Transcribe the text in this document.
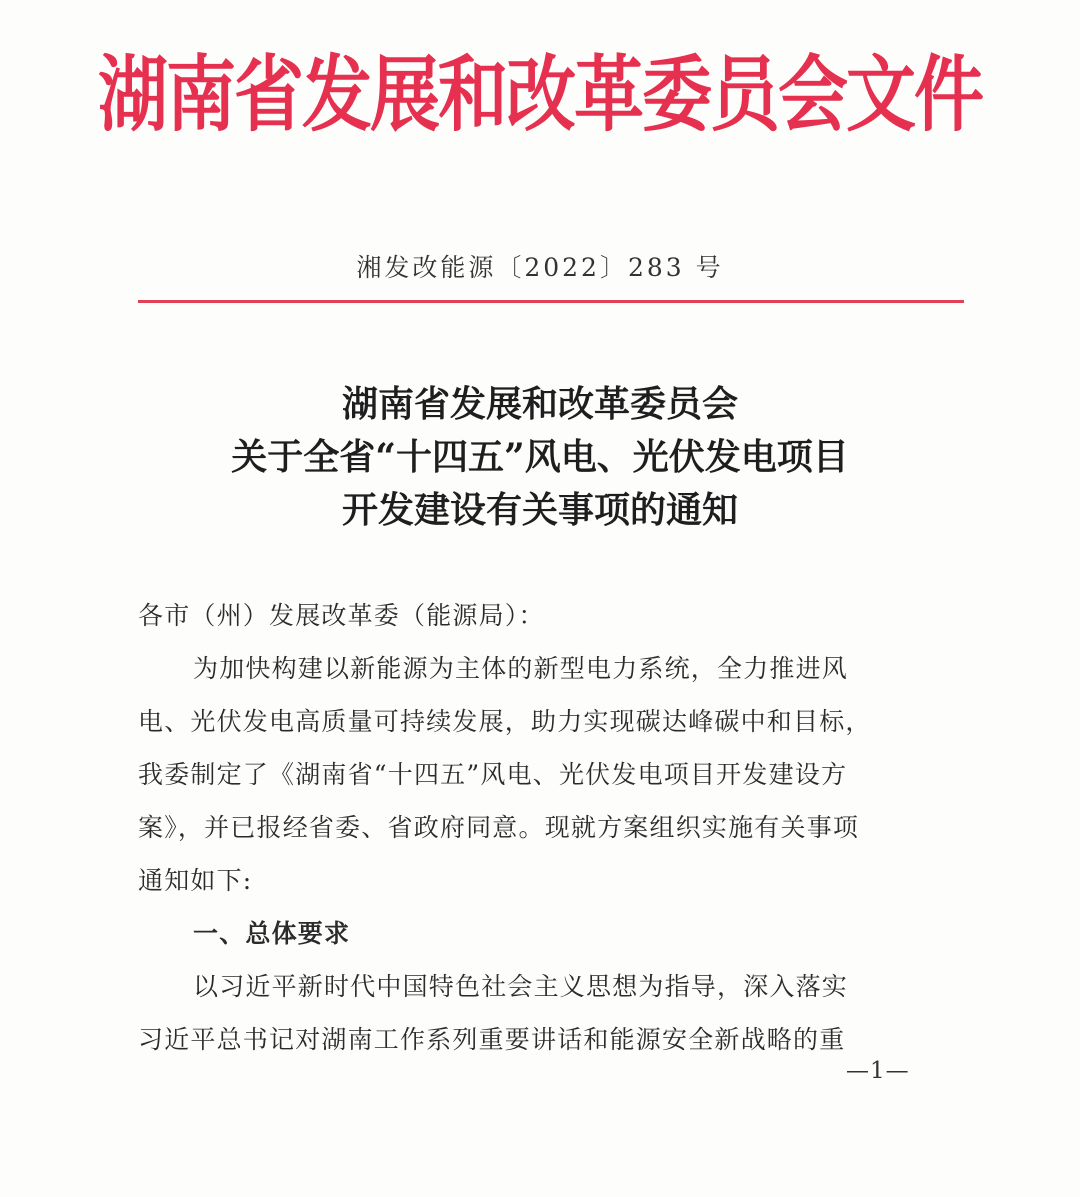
湖南省发展和改革委员会文件
湘发改能源〔2022〕283 号
湖南省发展和改革委员会
关于全省“十四五”风电、光伏发电项目
开发建设有关事项的通知
各市（州）发展改革委（能源局）：
为加快构建以新能源为主体的新型电力系统，全力推进风
电、光伏发电高质量可持续发展，助力实现碳达峰碳中和目标，
我委制定了《湖南省“十四五”风电、光伏发电项目开发建设方
案》，并已报经省委、省政府同意。现就方案组织实施有关事项
通知如下:
一、总体要求
以习近平新时代中国特色社会主义思想为指导，深入落实
习近平总书记对湖南工作系列重要讲话和能源安全新战略的重
—1—
